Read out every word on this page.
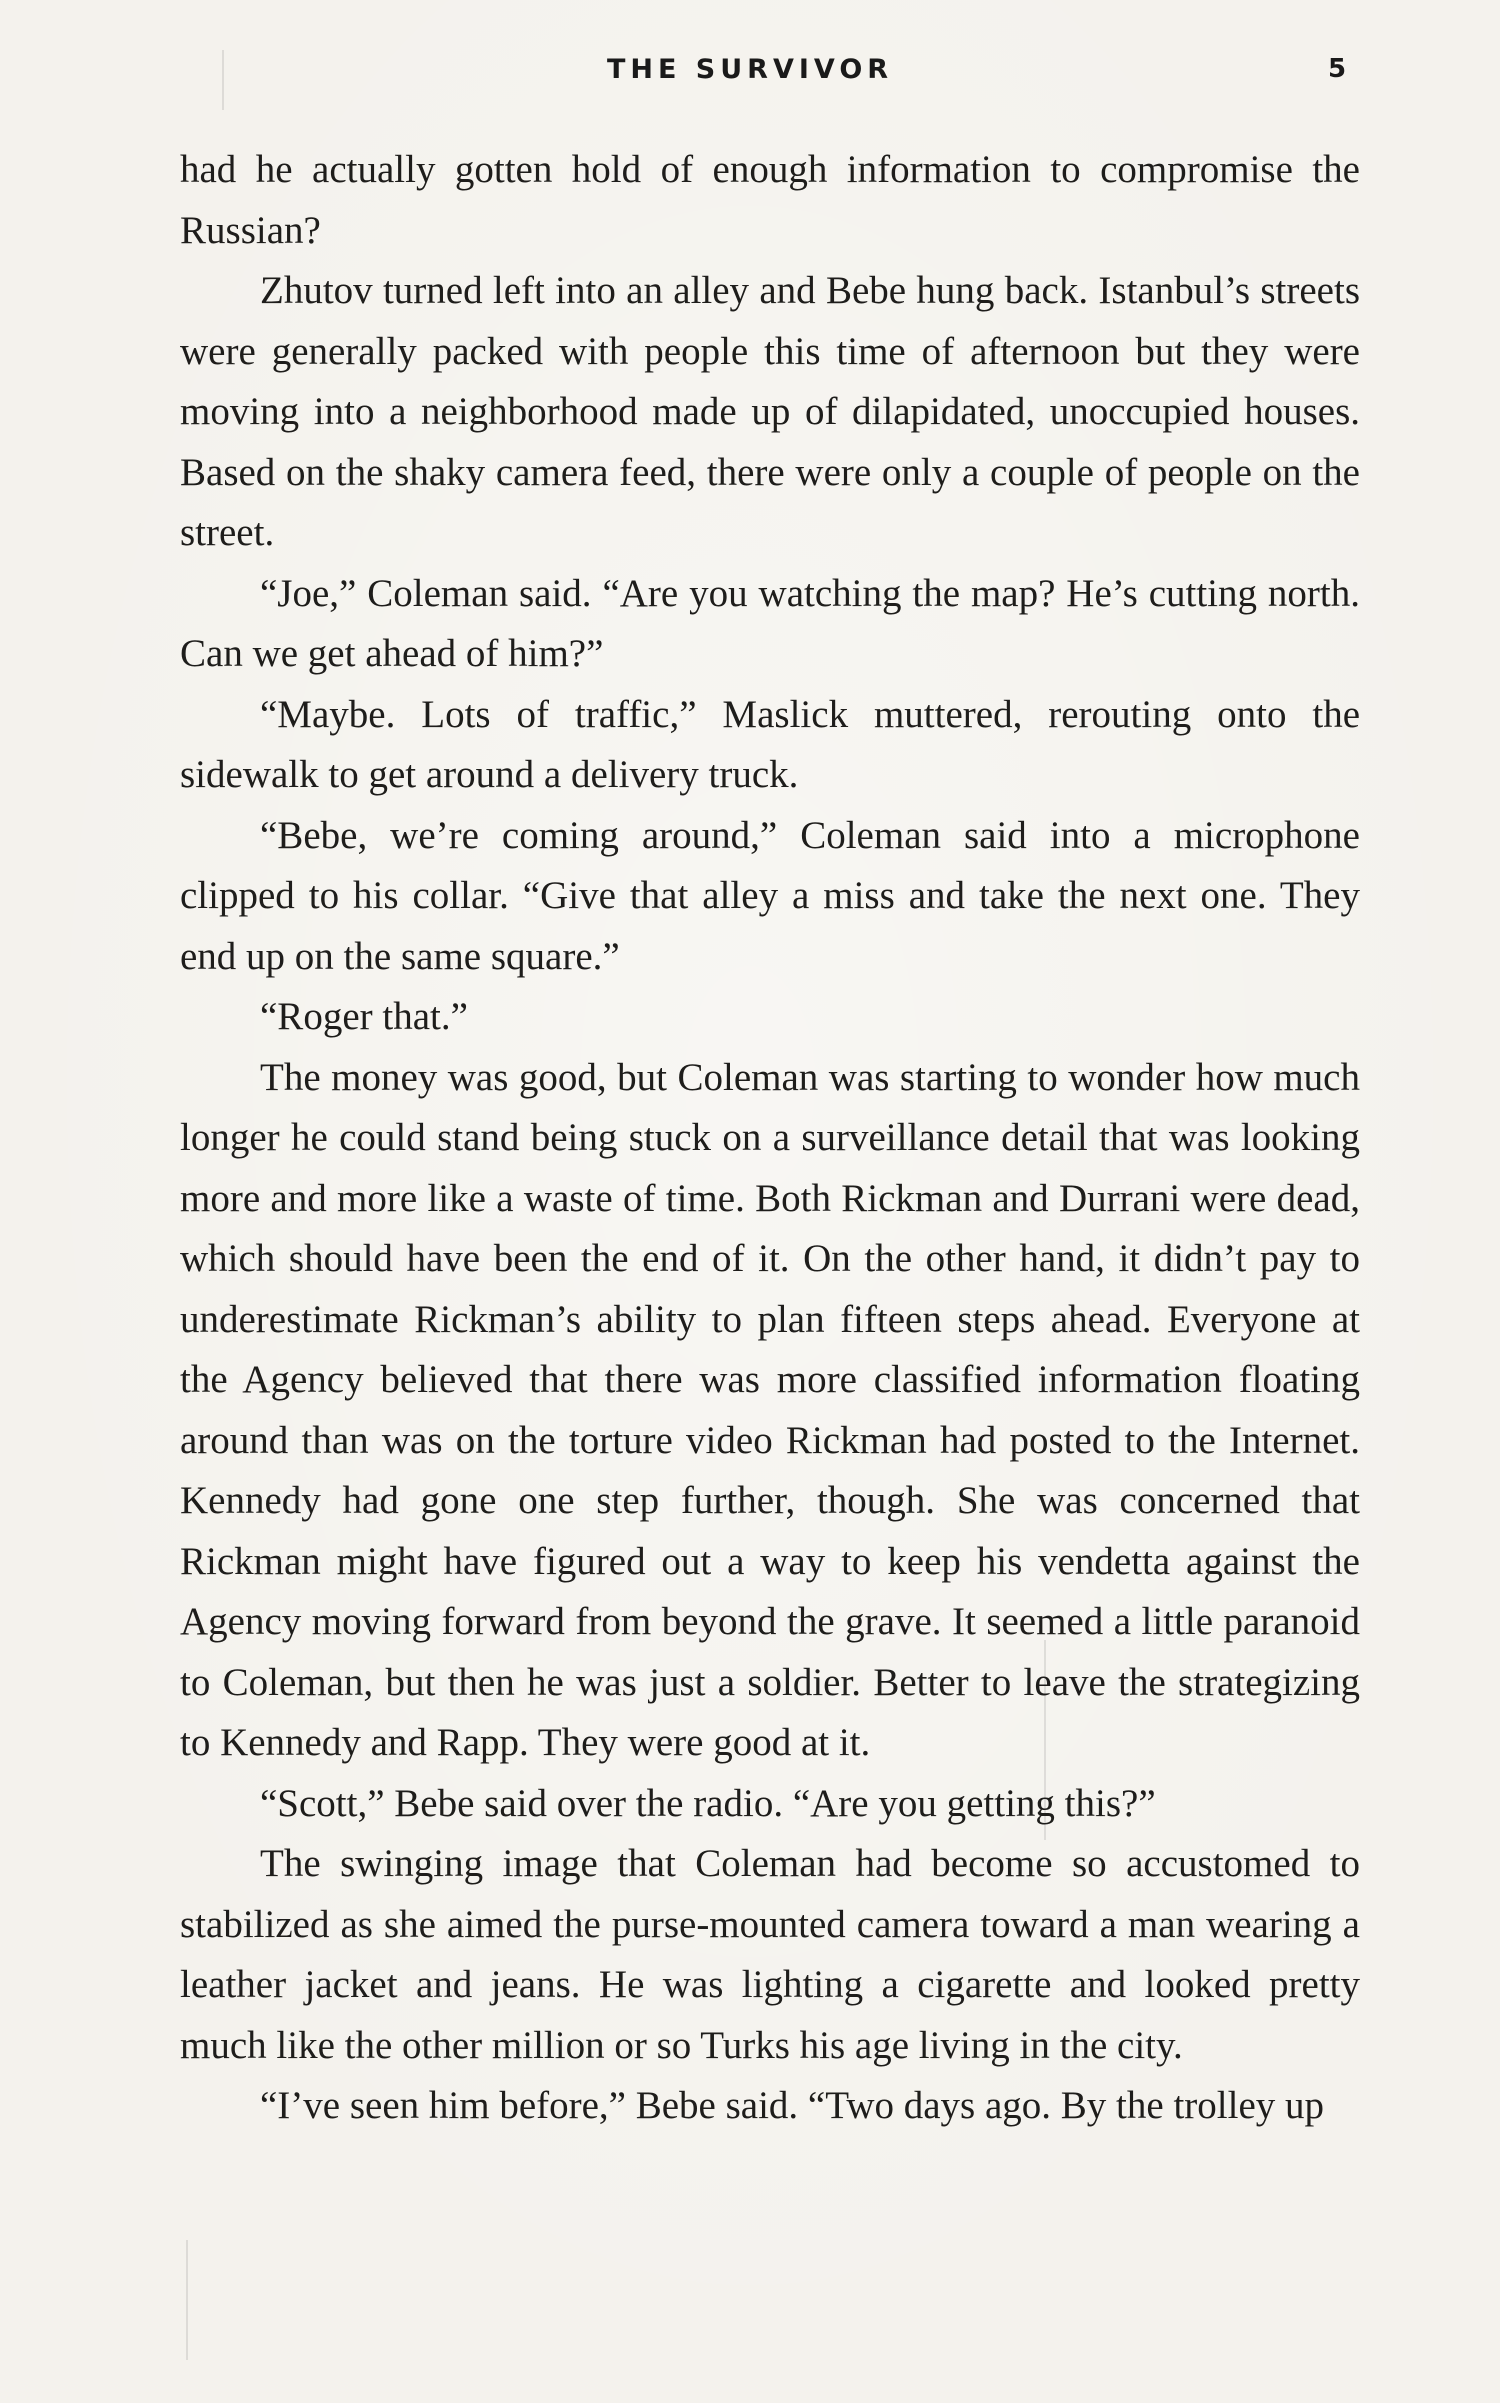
THE SURVIVOR	5

had he actually gotten hold of enough information to compromise the Russian?

Zhutov turned left into an alley and Bebe hung back. Istanbul’s streets were generally packed with people this time of afternoon but they were moving into a neighborhood made up of dilapidated, unoccupied houses. Based on the shaky camera feed, there were only a couple of people on the street.

“Joe,” Coleman said. “Are you watching the map? He’s cutting north. Can we get ahead of him?”

“Maybe. Lots of traffic,” Maslick muttered, rerouting onto the sidewalk to get around a delivery truck.

“Bebe, we’re coming around,” Coleman said into a microphone clipped to his collar. “Give that alley a miss and take the next one. They end up on the same square.”

“Roger that.”

The money was good, but Coleman was starting to wonder how much longer he could stand being stuck on a surveillance detail that was looking more and more like a waste of time. Both Rickman and Durrani were dead, which should have been the end of it. On the other hand, it didn’t pay to underestimate Rickman’s ability to plan fifteen steps ahead. Everyone at the Agency believed that there was more classified information floating around than was on the torture video Rickman had posted to the Internet. Kennedy had gone one step further, though. She was concerned that Rickman might have figured out a way to keep his vendetta against the Agency moving forward from beyond the grave. It seemed a little paranoid to Coleman, but then he was just a soldier. Better to leave the strategizing to Kennedy and Rapp. They were good at it.

“Scott,” Bebe said over the radio. “Are you getting this?”

The swinging image that Coleman had become so accustomed to stabilized as she aimed the purse-mounted camera toward a man wearing a leather jacket and jeans. He was lighting a cigarette and looked pretty much like the other million or so Turks his age living in the city.

“I’ve seen him before,” Bebe said. “Two days ago. By the trolley up
